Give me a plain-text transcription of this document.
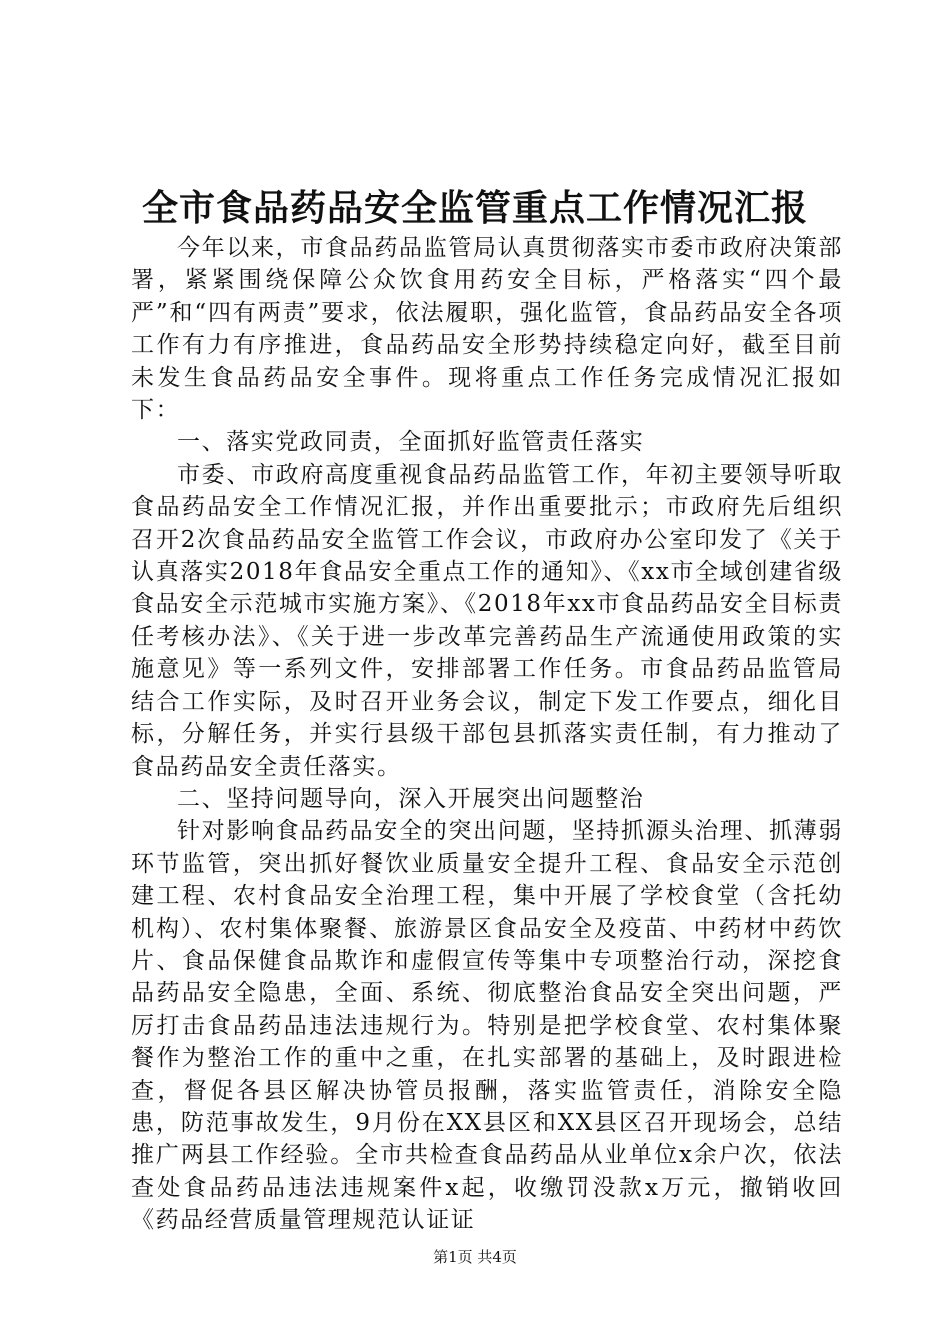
全市食品药品安全监管重点工作情况汇报

今年以来，市食品药品监管局认真贯彻落实市委市政府决策部署，紧紧围绕保障公众饮食用药安全目标，严格落实“四个最严”和“四有两责”要求，依法履职，强化监管，食品药品安全各项工作有力有序推进，食品药品安全形势持续稳定向好，截至目前未发生食品药品安全事件。现将重点工作任务完成情况汇报如下：

一、落实党政同责，全面抓好监管责任落实

市委、市政府高度重视食品药品监管工作，年初主要领导听取食品药品安全工作情况汇报，并作出重要批示；市政府先后组织召开2次食品药品安全监管工作会议，市政府办公室印发了《关于认真落实2018年食品安全重点工作的通知》、《xx市全域创建省级食品安全示范城市实施方案》、《2018年xx市食品药品安全目标责任考核办法》、《关于进一步改革完善药品生产流通使用政策的实施意见》等一系列文件，安排部署工作任务。市食品药品监管局结合工作实际，及时召开业务会议，制定下发工作要点，细化目标，分解任务，并实行县级干部包县抓落实责任制，有力推动了食品药品安全责任落实。

二、坚持问题导向，深入开展突出问题整治

针对影响食品药品安全的突出问题，坚持抓源头治理、抓薄弱环节监管，突出抓好餐饮业质量安全提升工程、食品安全示范创建工程、农村食品安全治理工程，集中开展了学校食堂（含托幼机构）、农村集体聚餐、旅游景区食品安全及疫苗、中药材中药饮片、食品保健食品欺诈和虚假宣传等集中专项整治行动，深挖食品药品安全隐患，全面、系统、彻底整治食品安全突出问题，严厉打击食品药品违法违规行为。特别是把学校食堂、农村集体聚餐作为整治工作的重中之重，在扎实部署的基础上，及时跟进检查，督促各县区解决协管员报酬，落实监管责任，消除安全隐患，防范事故发生，9月份在XX县区和XX县区召开现场会，总结推广两县工作经验。全市共检查食品药品从业单位x余户次，依法查处食品药品违法违规案件x起，收缴罚没款x万元，撤销收回《药品经营质量管理规范认证证

第1页 共4页
